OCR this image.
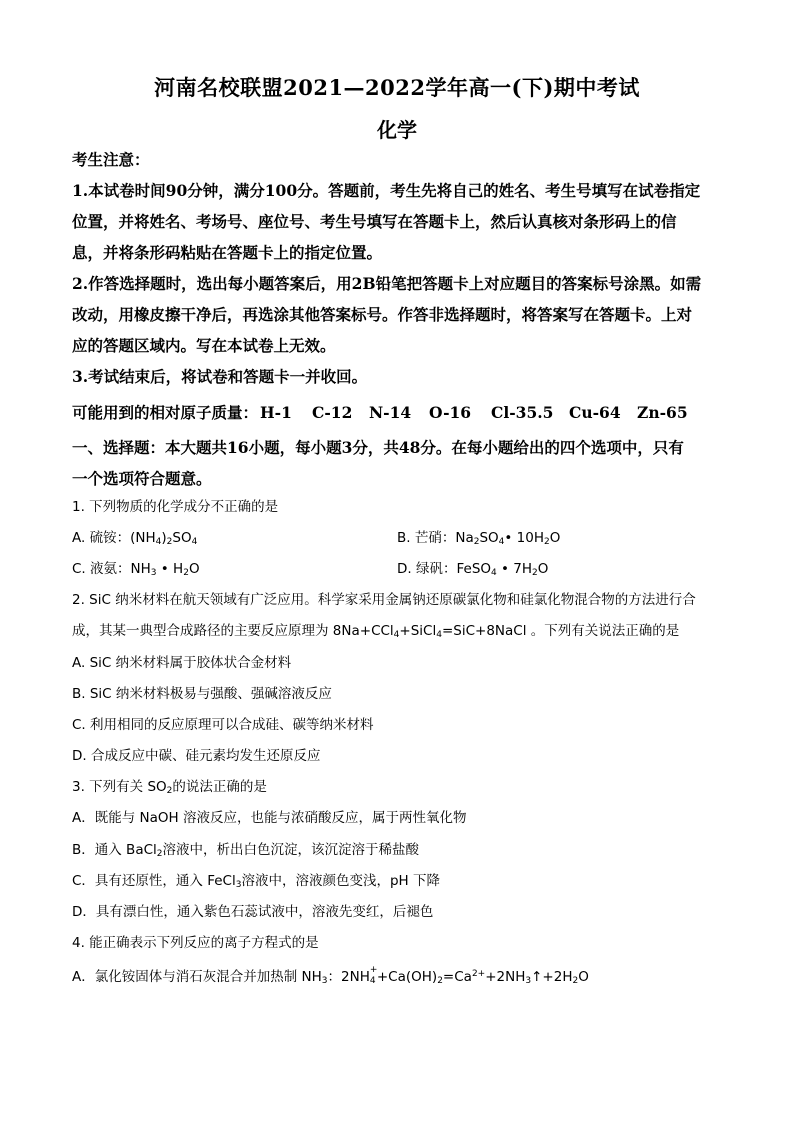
河南名校联盟2021—2022学年高一(下)期中考试
化学
考生注意：
1.本试卷时间90分钟，满分100分。答题前，考生先将自己的姓名、考生号填写在试卷指定
位置，并将姓名、考场号、座位号、考生号填写在答题卡上，然后认真核对条形码上的信
息，并将条形码粘贴在答题卡上的指定位置。
2.作答选择题时，选出每小题答案后，用2B铅笔把答题卡上对应题目的答案标号涂黑。如需
改动，用橡皮擦干净后，再选涂其他答案标号。作答非选择题时，将答案写在答题卡。上对
应的答题区域内。写在本试卷上无效。
3.考试结束后，将试卷和答题卡一并收回。
可能用到的相对原子质量： H-1 C-12 N-14 O-16 Cl-35.5 Cu-64 Zn-65
一、选择题：本大题共16小题，每小题3分，共48分。在每小题给出的四个选项中，只有
一个选项符合题意。
1. 下列物质的化学成分不正确的是
A. 硫铵：$(NH_4)_2SO_4$	B. 芒硝：$Na_2SO_4•$ $10H_2O$
C. 液氨：$NH_3$ • $H_2O$	D. 绿矾：FeSO$_4$ • $7H_2O$
2. SiC 纳米材料在航天领域有广泛应用。科学家采用金属钠还原碳氯化物和硅氯化物混合物的方法进行合
成，其某一典型合成路径的主要反应原理为 8Na+CCl$_4$+SiCl$_4$=SiC+8NaCl 。下列有关说法正确的是
A. SiC 纳米材料属于胶体状合金材料
B. SiC 纳米材料极易与强酸、强碱溶液反应
C. 利用相同的反应原理可以合成硅、碳等纳米材料
D. 合成反应中碳、硅元素均发生还原反应
3. 下列有关 $SO_2$的说法正确的是
A．既能与 NaOH 溶液反应，也能与浓硝酸反应，属于两性氧化物
B．通入 BaCl$_2$溶液中，析出白色沉淀，该沉淀溶于稀盐酸
C．具有还原性，通入 FeCl$_3$溶液中，溶液颜色变浅，pH 下降
D．具有漂白性，通入紫色石蕊试液中，溶液先变红，后褪色
4. 能正确表示下列反应的离子方程式的是
A．氯化铵固体与消石灰混合并加热制 $NH_3$：2NH +
$4 +Ca(OH)_2=Ca^{2+}+2NH_3↑+2H_2O$
